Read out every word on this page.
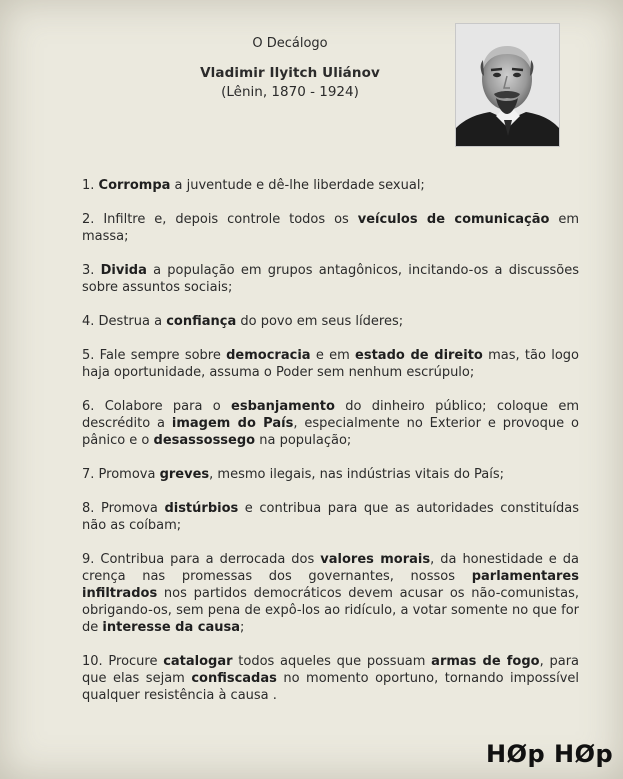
O Decálogo

Vladimir Ilyitch Uliánov

(Lênin, 1870 - 1924)

1. Corrompa a juventude e dê-lhe liberdade sexual;

2. Infiltre e, depois controle todos os veículos de comunicação em massa;

3. Divida a população em grupos antagônicos, incitando-os a discussões sobre assuntos sociais;

4. Destrua a confiança do povo em seus líderes;

5. Fale sempre sobre democracia e em estado de direito mas, tão logo haja oportunidade, assuma o Poder sem nenhum escrúpulo;

6. Colabore para o esbanjamento do dinheiro público; coloque em descrédito a imagem do País, especialmente no Exterior e provoque o pânico e o desassossego na população;

7. Promova greves, mesmo ilegais, nas indústrias vitais do País;

8. Promova distúrbios e contribua para que as autoridades constituídas não as coíbam;

9. Contribua para a derrocada dos valores morais, da honestidade e da crença nas promessas dos governantes, nossos parlamentares infiltrados nos partidos democráticos devem acusar os não-comunistas, obrigando-os, sem pena de expô-los ao ridículo, a votar somente no que for de interesse da causa;

10. Procure catalogar todos aqueles que possuam armas de fogo, para que elas sejam confiscadas no momento oportuno, tornando impossível qualquer resistência à causa .

HØp HØp
